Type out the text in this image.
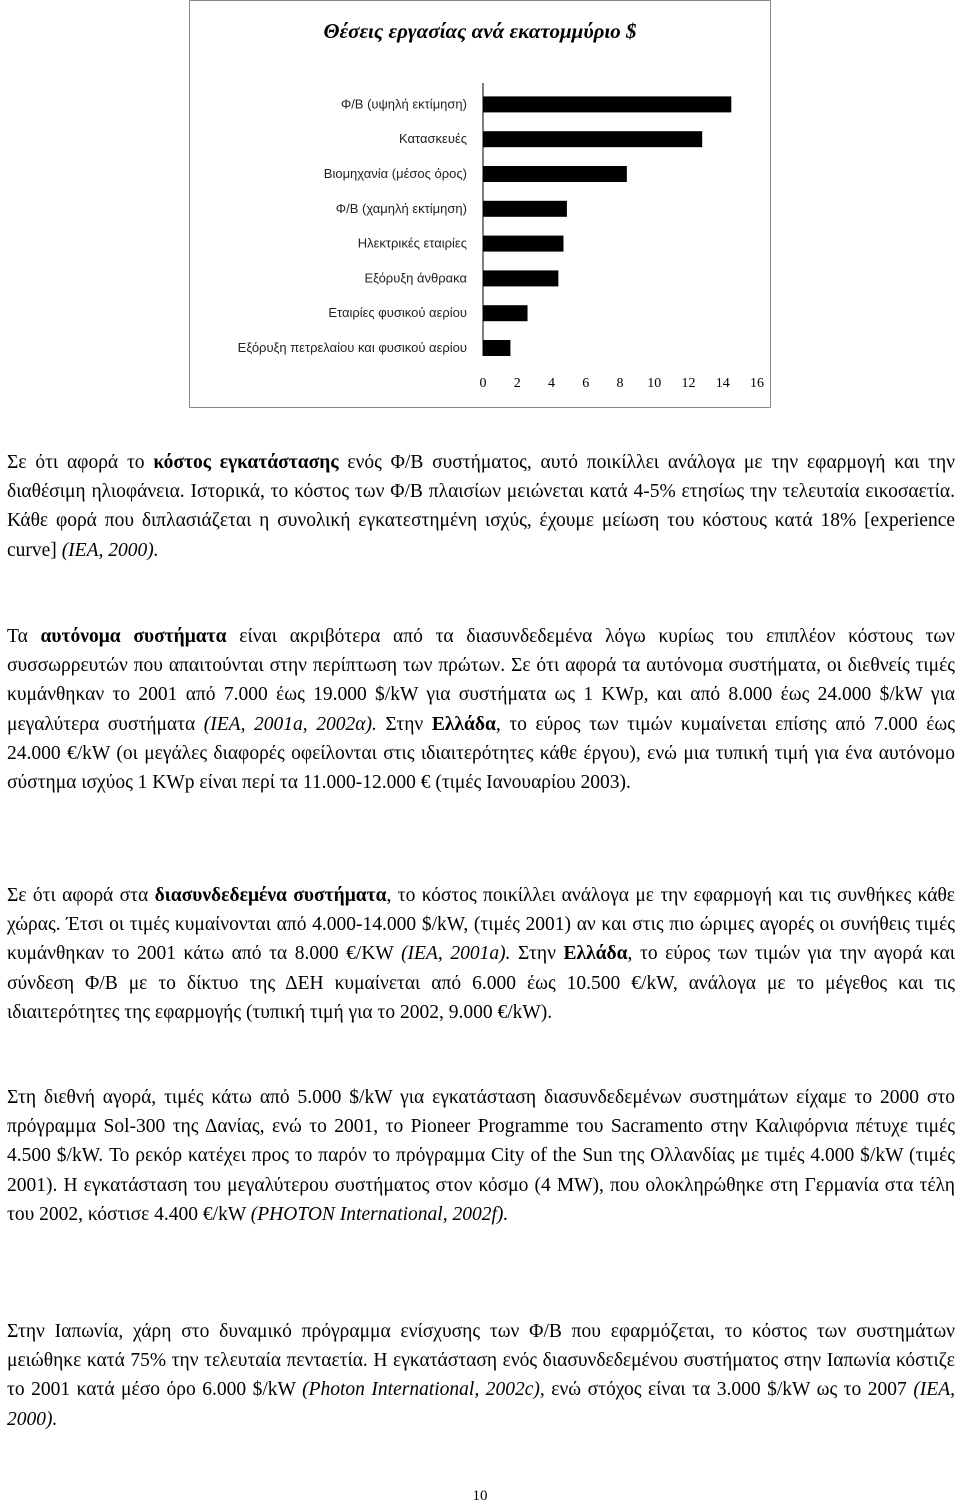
Θέσεις εργασίας ανά εκατομμύριο $
Φ/Β (υψηλή εκτίμηση)
Κατασκευές
Βιομηχανία (μέσος όρος)
Φ/Β (χαμηλή εκτίμηση)
Ηλεκτρικές εταιρίες
Εξόρυξη άνθρακα
Εταιρίες φυσικού αερίου
Εξόρυξη πετρελαίου και φυσικού αερίου
0 2 4 6 8 10 12 14 16
Σε ότι αφορά το κόστος εγκατάστασης ενός Φ/Β συστήματος, αυτό ποικίλλει ανάλογα με την εφαρμογή και την διαθέσιμη ηλιοφάνεια. Ιστορικά, το κόστος των Φ/Β πλαισίων μειώνεται κατά 4-5% ετησίως την τελευταία εικοσαετία. Κάθε φορά που διπλασιάζεται η συνολική εγκατεστημένη ισχύς, έχουμε μείωση του κόστους κατά 18% [experience curve] (IEA, 2000).
Τα αυτόνομα συστήματα είναι ακριβότερα από τα διασυνδεδεμένα λόγω κυρίως του επιπλέον κόστους των συσσωρρευτών που απαιτούνται στην περίπτωση των πρώτων. Σε ότι αφορά τα αυτόνομα συστήματα, οι διεθνείς τιμές κυμάνθηκαν το 2001 από 7.000 έως 19.000 $/kW για συστήματα ως 1 KWp, και από 8.000 έως 24.000 $/kW για μεγαλύτερα συστήματα (IEA, 2001a, 2002α). Στην Ελλάδα, το εύρος των τιμών κυμαίνεται επίσης από 7.000 έως 24.000 €/kW (οι μεγάλες διαφορές οφείλονται στις ιδιαιτερότητες κάθε έργου), ενώ μια τυπική τιμή για ένα αυτόνομο σύστημα ισχύος 1 KWp είναι περί τα 11.000-12.000 € (τιμές Ιανουαρίου 2003).
Σε ότι αφορά στα διασυνδεδεμένα συστήματα, το κόστος ποικίλλει ανάλογα με την εφαρμογή και τις συνθήκες κάθε χώρας. Έτσι οι τιμές κυμαίνονται από 4.000-14.000 $/kW, (τιμές 2001) αν και στις πιο ώριμες αγορές οι συνήθεις τιμές κυμάνθηκαν το 2001 κάτω από τα 8.000 €/KW (IEA, 2001a). Στην Ελλάδα, το εύρος των τιμών για την αγορά και σύνδεση Φ/Β με το δίκτυο της ΔΕΗ κυμαίνεται από 6.000 έως 10.500 €/kW, ανάλογα με το μέγεθος και τις ιδιαιτερότητες της εφαρμογής (τυπική τιμή για το 2002, 9.000 €/kW).
Στη διεθνή αγορά, τιμές κάτω από 5.000 $/kW για εγκατάσταση διασυνδεδεμένων συστημάτων είχαμε το 2000 στο πρόγραμμα Sol-300 της Δανίας, ενώ το 2001, το Pioneer Programme του Sacramento στην Καλιφόρνια πέτυχε τιμές 4.500 $/kW. Το ρεκόρ κατέχει προς το παρόν το πρόγραμμα City of the Sun της Ολλανδίας με τιμές 4.000 $/kW (τιμές 2001). Η εγκατάσταση του μεγαλύτερου συστήματος στον κόσμο (4 MW), που ολοκληρώθηκε στη Γερμανία στα τέλη του 2002, κόστισε 4.400 €/kW (PHOTON International, 2002f).
Στην Ιαπωνία, χάρη στο δυναμικό πρόγραμμα ενίσχυσης των Φ/Β που εφαρμόζεται, το κόστος των συστημάτων μειώθηκε κατά 75% την τελευταία πενταετία. Η εγκατάσταση ενός διασυνδεδεμένου συστήματος στην Ιαπωνία κόστιζε το 2001 κατά μέσο όρο 6.000 $/kW (Photon International, 2002c), ενώ στόχος είναι τα 3.000 $/kW ως το 2007 (IEA, 2000).
10
